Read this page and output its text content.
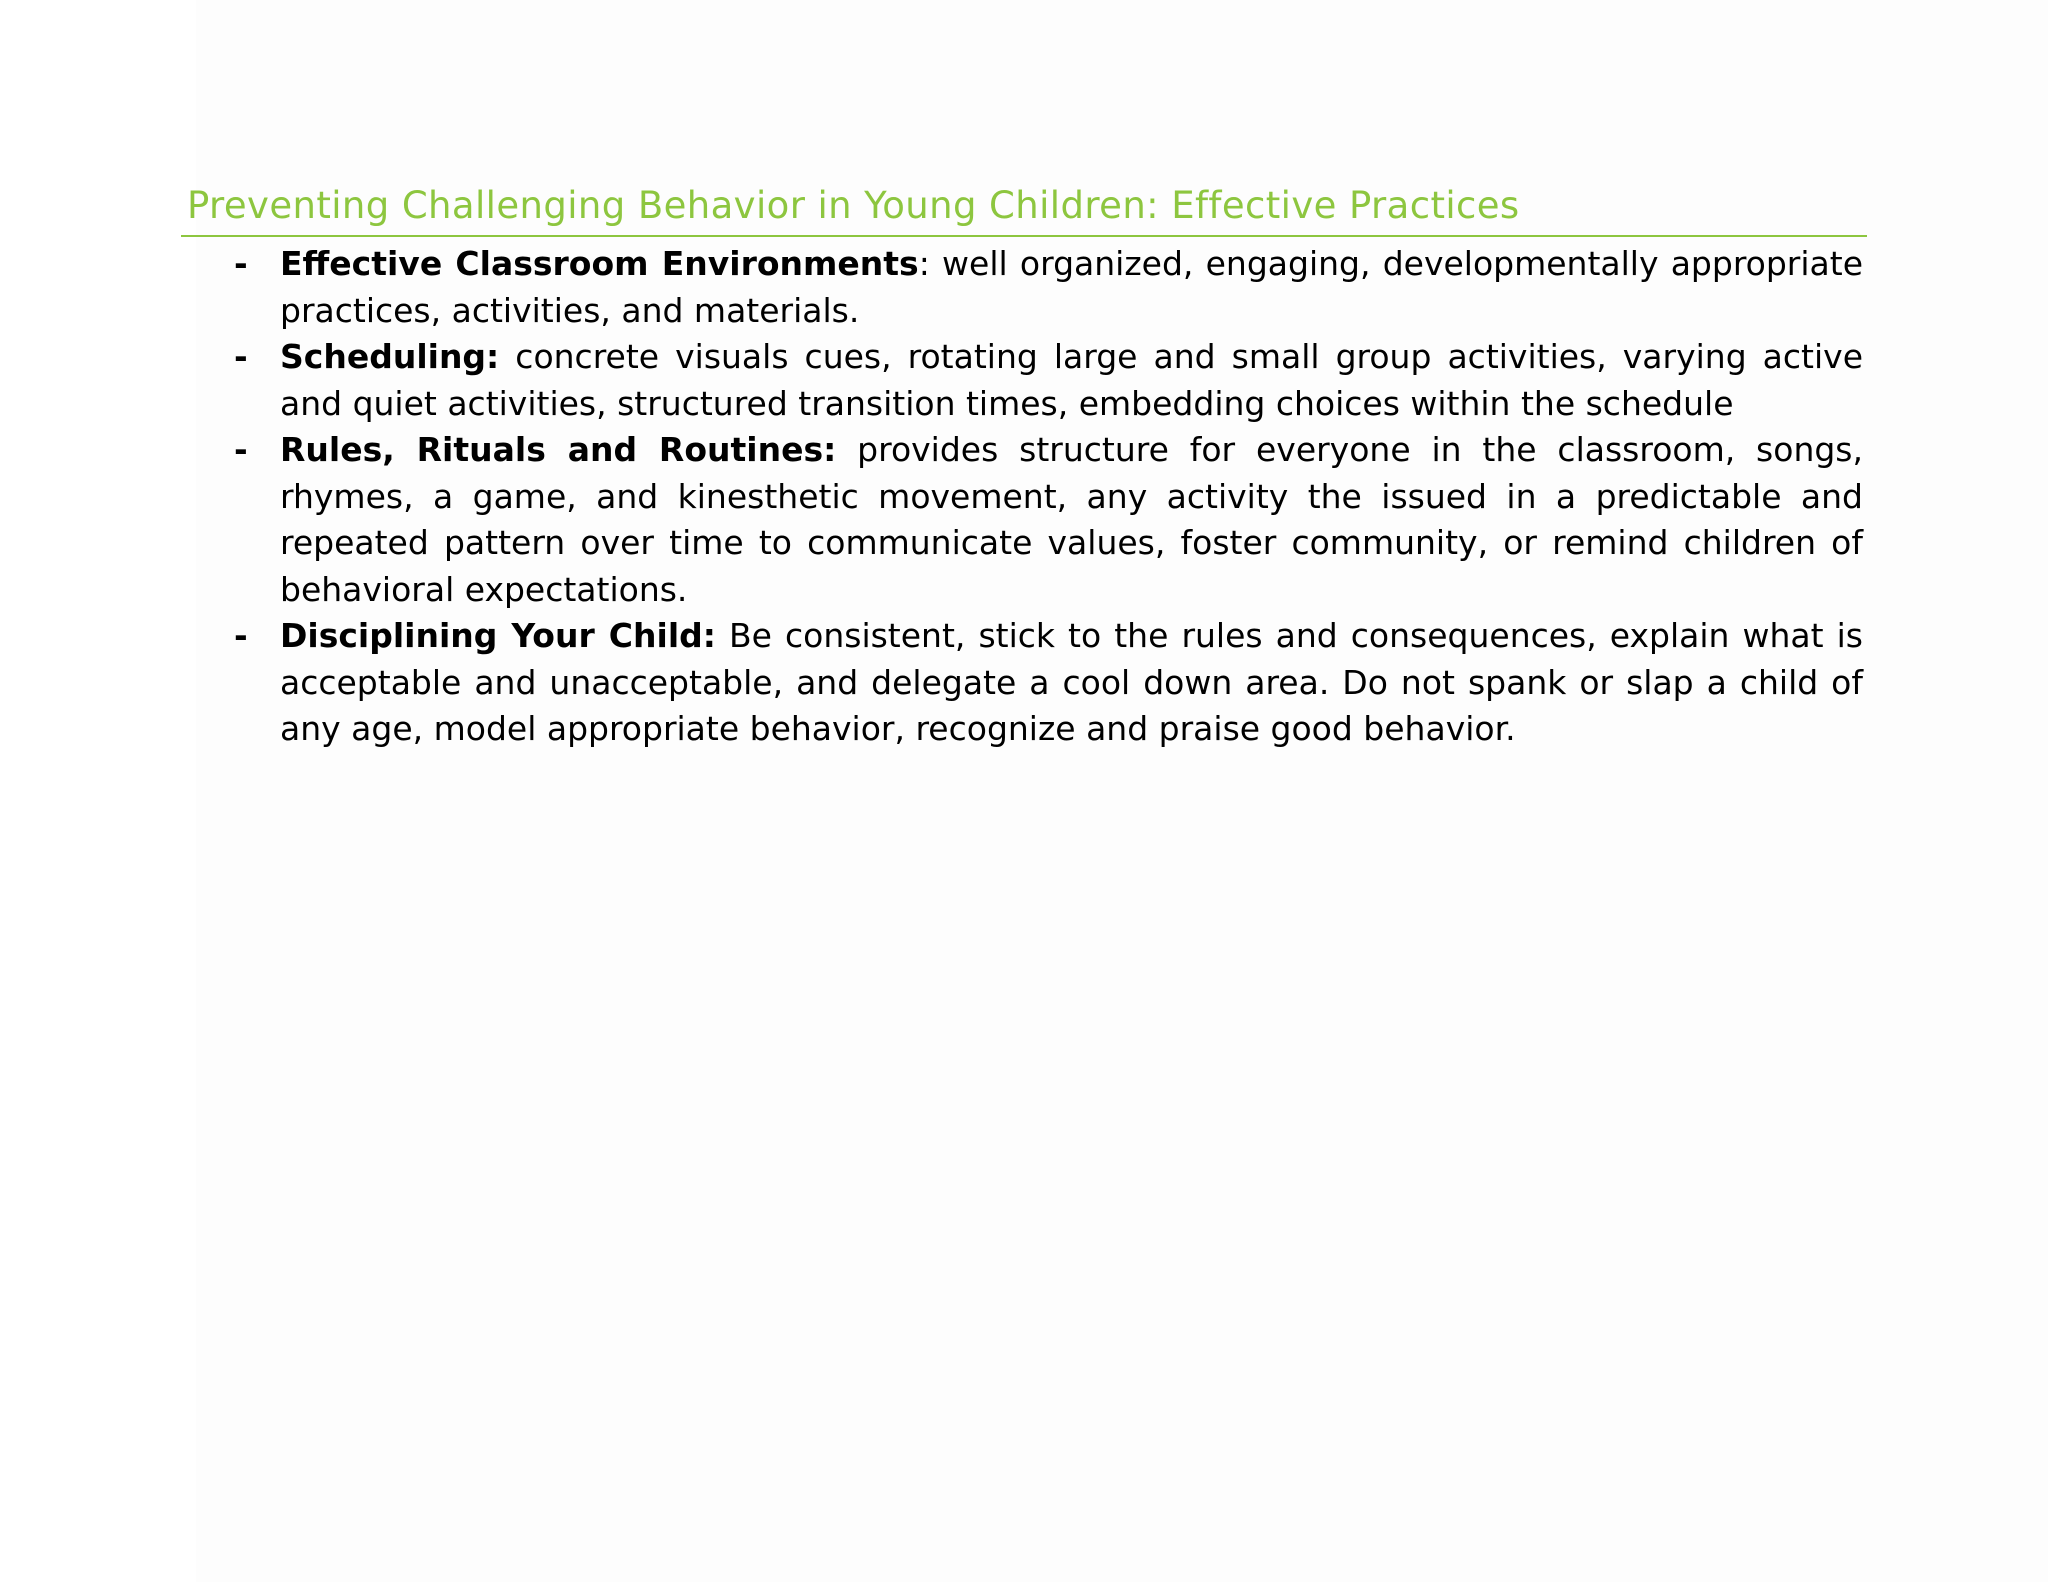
Preventing Challenging Behavior in Young Children: Effective Practices
- Effective Classroom Environments: well organized, engaging, developmentally appropriate practices, activities, and materials.
- Scheduling: concrete visuals cues, rotating large and small group activities, varying active and quiet activities, structured transition times, embedding choices within the schedule
- Rules, Rituals and Routines: provides structure for everyone in the classroom, songs, rhymes, a game, and kinesthetic movement, any activity the issued in a predictable and repeated pattern over time to communicate values, foster community, or remind children of behavioral expectations.
- Disciplining Your Child: Be consistent, stick to the rules and consequences, explain what is acceptable and unacceptable, and delegate a cool down area. Do not spank or slap a child of any age, model appropriate behavior, recognize and praise good behavior.
